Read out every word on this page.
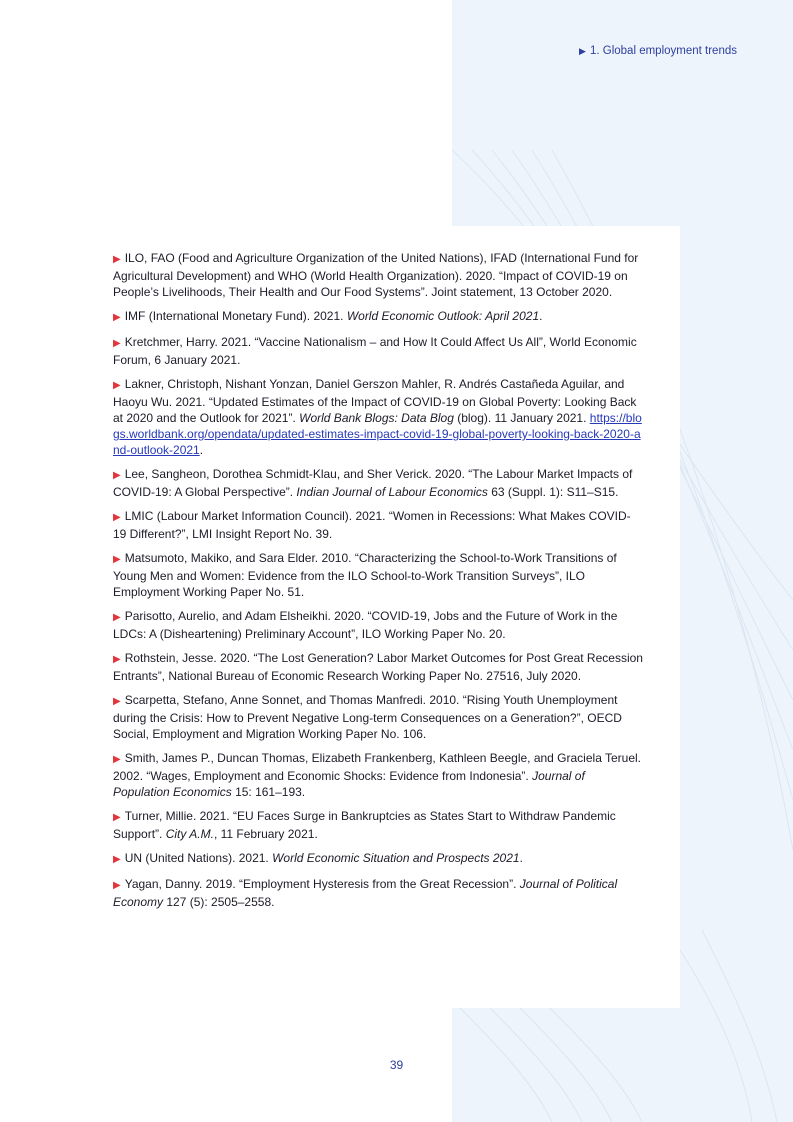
▶ 1. Global employment trends
▶ ILO, FAO (Food and Agriculture Organization of the United Nations), IFAD (International Fund for Agricultural Development) and WHO (World Health Organization). 2020. “Impact of COVID-19 on People’s Livelihoods, Their Health and Our Food Systems”. Joint statement, 13 October 2020.
▶ IMF (International Monetary Fund). 2021. World Economic Outlook: April 2021.
▶ Kretchmer, Harry. 2021. “Vaccine Nationalism – and How It Could Affect Us All”, World Economic Forum, 6 January 2021.
▶ Lakner, Christoph, Nishant Yonzan, Daniel Gerszon Mahler, R. Andrés Castañeda Aguilar, and Haoyu Wu. 2021. “Updated Estimates of the Impact of COVID-19 on Global Poverty: Looking Back at 2020 and the Outlook for 2021”. World Bank Blogs: Data Blog (blog). 11 January 2021. https://blogs.worldbank.org/opendata/updated-estimates-impact-covid-19-global-poverty-looking-back-2020-and-outlook-2021.
▶ Lee, Sangheon, Dorothea Schmidt-Klau, and Sher Verick. 2020. “The Labour Market Impacts of COVID-19: A Global Perspective”. Indian Journal of Labour Economics 63 (Suppl. 1): S11–S15.
▶ LMIC (Labour Market Information Council). 2021. “Women in Recessions: What Makes COVID-19 Different?”, LMI Insight Report No. 39.
▶ Matsumoto, Makiko, and Sara Elder. 2010. “Characterizing the School-to-Work Transitions of Young Men and Women: Evidence from the ILO School-to-Work Transition Surveys”, ILO Employment Working Paper No. 51.
▶ Parisotto, Aurelio, and Adam Elsheikhi. 2020. “COVID-19, Jobs and the Future of Work in the LDCs: A (Disheartening) Preliminary Account”, ILO Working Paper No. 20.
▶ Rothstein, Jesse. 2020. “The Lost Generation? Labor Market Outcomes for Post Great Recession Entrants”, National Bureau of Economic Research Working Paper No. 27516, July 2020.
▶ Scarpetta, Stefano, Anne Sonnet, and Thomas Manfredi. 2010. “Rising Youth Unemployment during the Crisis: How to Prevent Negative Long-term Consequences on a Generation?”, OECD Social, Employment and Migration Working Paper No. 106.
▶ Smith, James P., Duncan Thomas, Elizabeth Frankenberg, Kathleen Beegle, and Graciela Teruel. 2002. “Wages, Employment and Economic Shocks: Evidence from Indonesia”. Journal of Population Economics 15: 161–193.
▶ Turner, Millie. 2021. “EU Faces Surge in Bankruptcies as States Start to Withdraw Pandemic Support”. City A.M., 11 February 2021.
▶ UN (United Nations). 2021. World Economic Situation and Prospects 2021.
▶ Yagan, Danny. 2019. “Employment Hysteresis from the Great Recession”. Journal of Political Economy 127 (5): 2505–2558.
39
